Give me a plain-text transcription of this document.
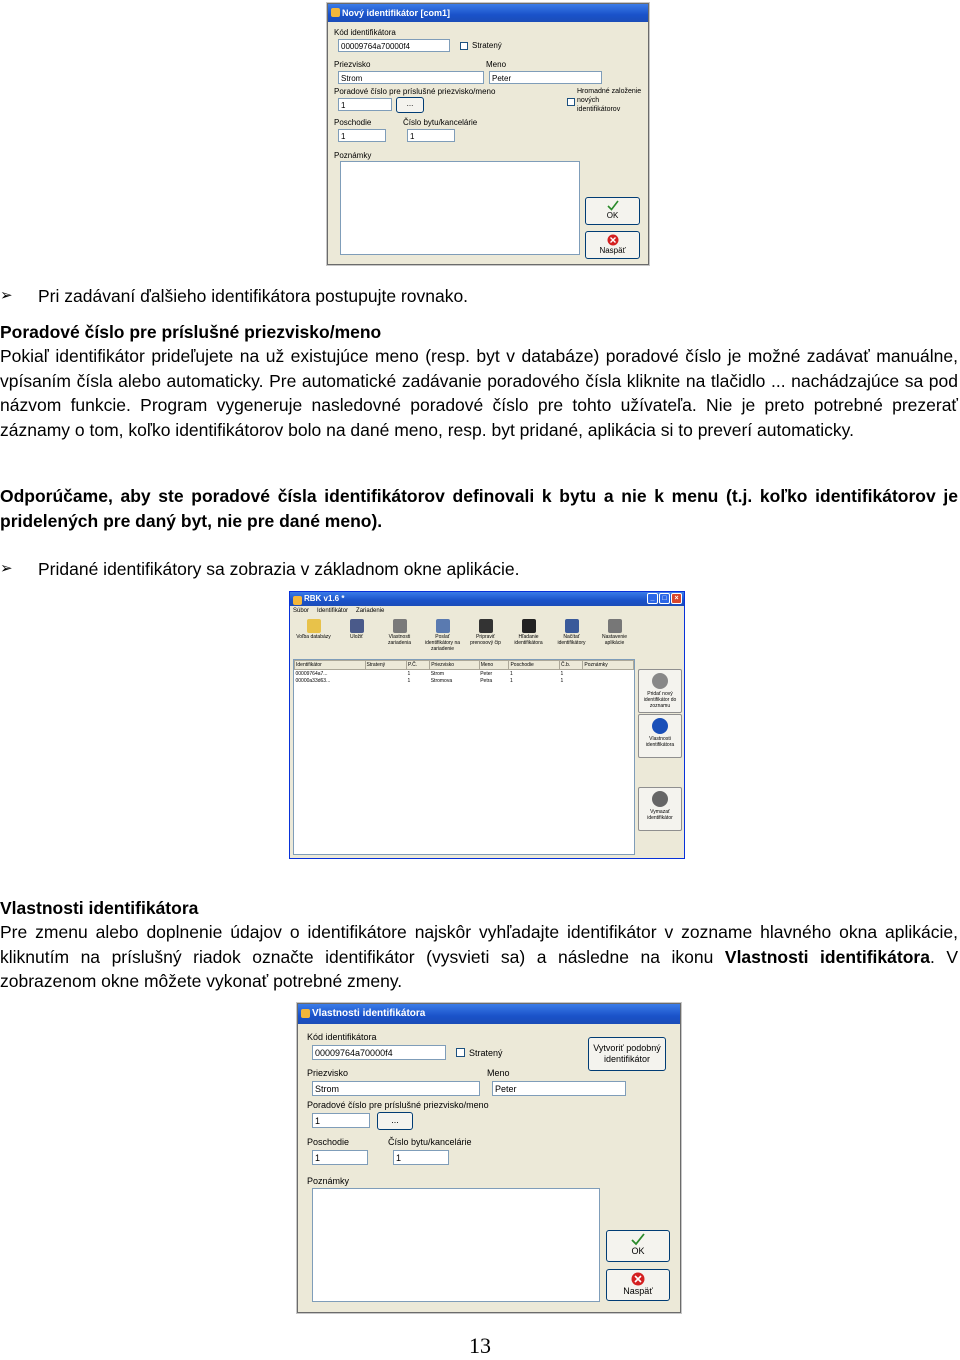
Nový identifikátor [com1]
Kód identifikátora
00009764a70000f4	Stratený
Priezvisko
Strom
Meno
Peter
Poradové číslo pre príslušné priezvisko/meno
1	...
Hromadné založenie
nových
identifikátorov
Poschodie
1
Číslo bytu/kancelárie
1
Poznámky
OK
Naspäť
➢ Pri zadávaní ďalšieho identifikátora postupujte rovnako.
Poradové číslo pre príslušné priezvisko/meno
Pokiaľ identifikátor prideľujete na už existujúce meno (resp. byt v databáze) poradové číslo je možné zadávať manuálne, vpísaním čísla alebo automaticky. Pre automatické zadávanie poradového čísla kliknite na tlačidlo ... nachádzajúce sa pod názvom funkcie. Program vygeneruje nasledovné poradové číslo pre tohto užívateľa. Nie je preto potrebné prezerať záznamy o tom, koľko identifikátorov bolo na dané meno, resp. byt pridané, aplikácia si to preverí automaticky.
Odporúčame, aby ste poradové čísla identifikátorov definovali k bytu a nie k menu (t.j. koľko identifikátorov je pridelených pre daný byt, nie pre dané meno).
➢ Pridané identifikátory sa zobrazia v základnom okne aplikácie.
RBK v1.6 *	_	□	×
Súbor Identifikátor Zariadenie
Voľba databázy	Uložiť	Vlastnosti zariadenia
Poslať identifikátory na zariadenie
Pripraviť prenosový čip
Hľadanie identifikátora
Načítať identifikátory
Nastavenie aplikácie
Identifikátor	Stratený	P.Č.	Priezvisko	Meno	Poschodie	Č.b.	Poznámky
00009764a7...		1	Strom	Peter	1	1	
00000a33d63...		1	Stromova	Petra	1	1	
Pridať nový identifikátor do zoznamu
Vlastnosti identifikátora
Vymazať identifikátor
Vlastnosti identifikátora
Pre zmenu alebo doplnenie údajov o identifikátore najskôr vyhľadajte identifikátor v zozname hlavného okna aplikácie, kliknutím na príslušný riadok označte identifikátor (vysvieti sa) a následne na ikonu Vlastnosti identifikátora. V zobrazenom okne môžete vykonať potrebné zmeny.
Vlastnosti identifikátora
Kód identifikátora
00009764a70000f4	Stratený	Vytvoriť podobný identifikátor
Priezvisko
Strom
Meno
Peter
Poradové číslo pre príslušné priezvisko/meno
1	...
Poschodie
1
Číslo bytu/kancelárie
1
Poznámky
OK
Naspäť
13
